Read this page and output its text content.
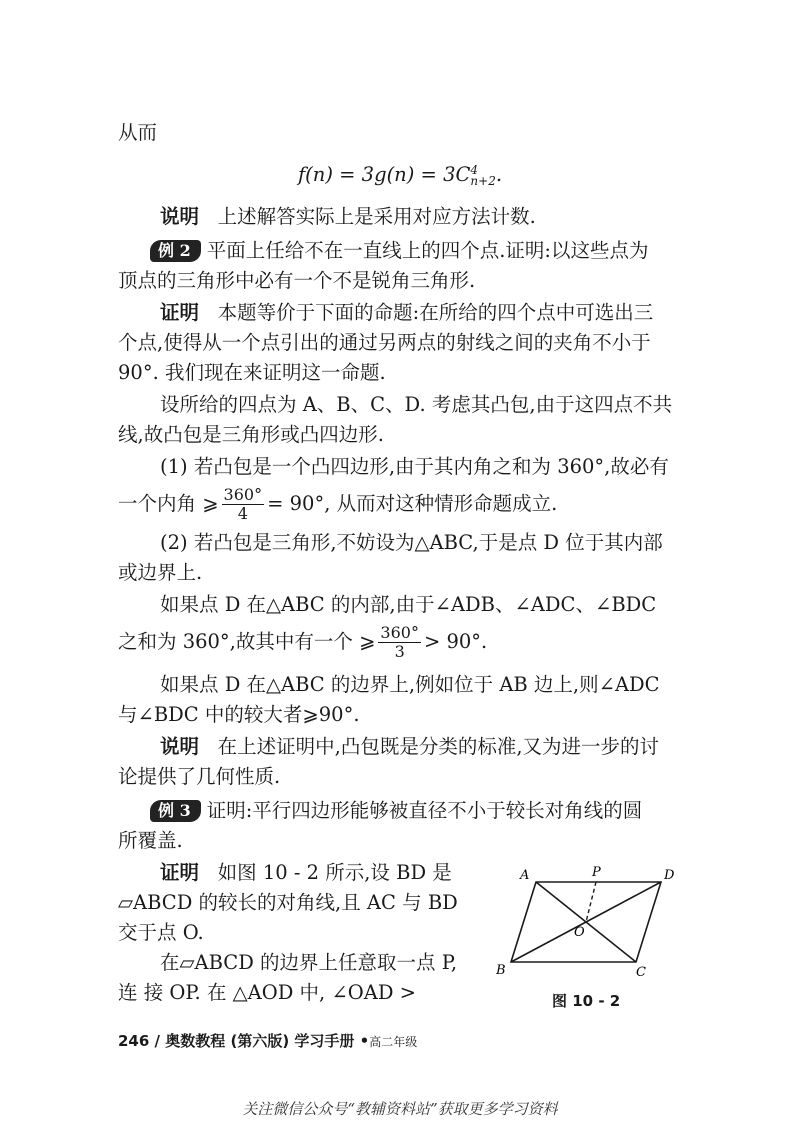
从而
f(n) = 3g(n) = 3C 4
n+2 .
说明 上述解答实际上是采用对应方法计数.
例 2 平面上任给不在一直线上的四个点.证明:以这些点为
顶点的三角形中必有一个不是锐角三角形.
证明 本题等价于下面的命题:在所给的四个点中可选出三
个点,使得从一个点引出的通过另两点的射线之间的夹角不小于
90°. 我们现在来证明这一命题.
设所给的四点为 A、B、C、D. 考虑其凸包,由于这四点不共
线,故凸包是三角形或凸四边形.
(1) 若凸包是一个凸四边形,由于其内角之和为 360°,故必有
一个内角 ⩾ $\frac{360^\circ}{4} = 90^\circ$, 从而对这种情形命题成立.
(2) 若凸包是三角形,不妨设为△ABC,于是点 D 位于其内部
或边界上.
如果点 D 在△ABC 的内部,由于∠ADB、∠ADC、∠BDC
之和为 360°,故其中有一个 ⩾ $\frac{360^\circ}{3} > 90^\circ$.
如果点 D 在△ABC 的边界上,例如位于 AB 边上,则∠ADC
与∠BDC 中的较大者⩾90°.
说明 在上述证明中,凸包既是分类的标准,又为进一步的讨
论提供了几何性质.
例 3 证明:平行四边形能够被直径不小于较长对角线的圆
所覆盖.
证明 如图 10 - 2 所示,设 BD 是
▱ABCD 的较长的对角线,且 AC 与 BD
交于点 O.
在▱ABCD 的边界上任意取一点 P,
连 接 OP. 在 △AOD 中, ∠OAD >
A	P	D
O
B	C
图 10 - 2
246 / 奥数教程 (第六版) 学习手册 •高二年级
关注微信公众号“教辅资料站”获取更多学习资料
